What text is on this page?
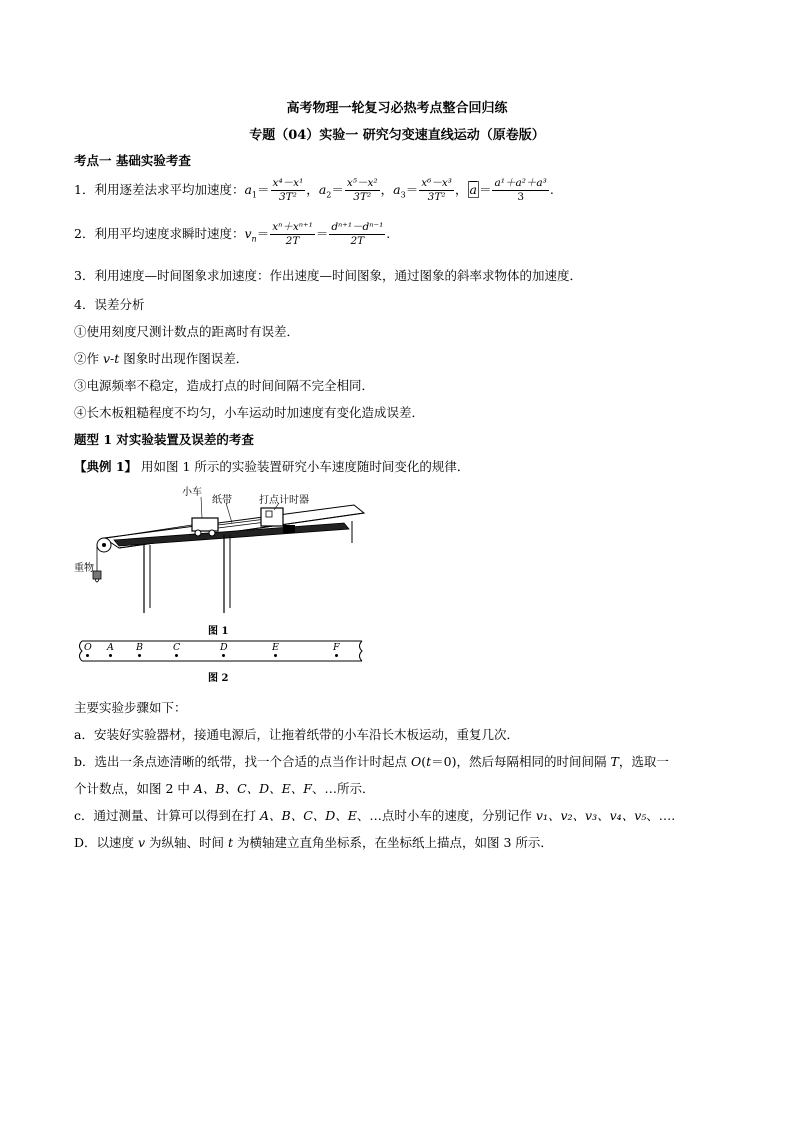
高考物理一轮复习必热考点整合回归练
专题（04）实验一 研究匀变速直线运动（原卷版）
考点一 基础实验考查
1．利用逐差法求平均加速度：$a_1= \frac{\text{x⁴－x¹}}{\text{3T²}}$ ，$a_2= \frac{\text{x⁵－x²}}{\text{3T²}}$ ，$a_3= \frac{\text{x⁶－x³}}{\text{3T²}}$ ， $\overline{a} = \frac{\text{a¹＋a²＋a³}}{3}$ .
2．利用平均速度求瞬时速度：$v_n= \frac{\text{xⁿ＋xⁿ⁺¹}}{2T} = \frac{\text{dⁿ⁺¹－dⁿ⁻¹}}{2T}$ .
3．利用速度—时间图象求加速度：作出速度—时间图象，通过图象的斜率求物体的加速度．
4．误差分析
①使用刻度尺测计数点的距离时有误差．
②作 v-t 图象时出现作图误差．
③电源频率不稳定，造成打点的时间间隔不完全相同．
④长木板粗糙程度不均匀，小车运动时加速度有变化造成误差．
题型 1 对实验装置及误差的考查
【典例 1】 用如图 1 所示的实验装置研究小车速度随时间变化的规律．
小车
纸带	打点计时器
重物
图 1
O A B	C	D	E	F
图 2
主要实验步骤如下：
a．安装好实验器材，接通电源后，让拖着纸带的小车沿长木板运动，重复几次．
b．选出一条点迹清晰的纸带，找一个合适的点当作计时起点 O(t＝0)，然后每隔相同的时间间隔 T，选取一
个计数点，如图 2 中 A、B、C、D、E、F、…所示．
c．通过测量、计算可以得到在打 A、B、C、D、E、…点时小车的速度，分别记作 v₁、v₂、v₃、v₄、v₅、….
D．以速度 v 为纵轴、时间 t 为横轴建立直角坐标系，在坐标纸上描点，如图 3 所示．
